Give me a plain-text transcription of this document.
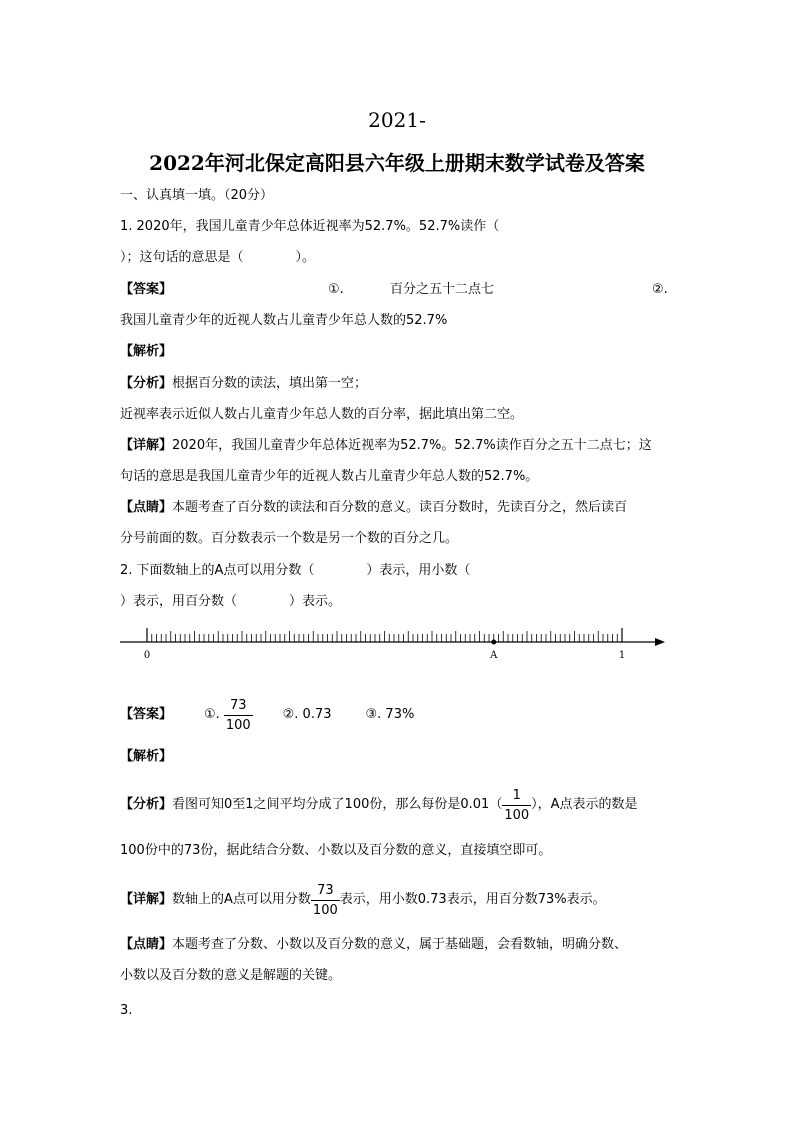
2021-
2022年河北保定高阳县六年级上册期末数学试卷及答案
一、认真填一填。（20分）
1. 2020年，我国儿童青少年总体近视率为52.7%。52.7%读作（
）；这句话的意思是（　　　　）。
【答案】	①.	百分之五十二点七	②.
我国儿童青少年的近视人数占儿童青少年总人数的52.7%
【解析】
【分析】根据百分数的读法，填出第一空；
近视率表示近似人数占儿童青少年总人数的百分率，据此填出第二空。
【详解】2020年，我国儿童青少年总体近视率为52.7%。52.7%读作百分之五十二点七；这
句话的意思是我国儿童青少年的近视人数占儿童青少年总人数的52.7%。
【点睛】本题考查了百分数的读法和百分数的意义。读百分数时，先读百分之，然后读百
分号前面的数。百分数表示一个数是另一个数的百分之几。
2. 下面数轴上的A点可以用分数（　　　　）表示，用小数（
）表示，用百分数（　　　　）表示。
0	A	1
【答案】 ①. $\frac{73}{100}$ ②. 0.73	③. 73%
【解析】
【分析】 看图可知0至1之间平均分成了100份，那么每份是$0.01( \frac{1}{100}$ ），A点表示的数是
100份中的73份，据此结合分数、小数以及百分数的意义，直接填空即可。
【详解】 数轴上的A点可以用分数 $\frac{73}{100}$ 表示，用小数0.73表示，用百分数73%表示。
【点睛】本题考查了分数、小数以及百分数的意义，属于基础题，会看数轴，明确分数、
小数以及百分数的意义是解题的关键。
3.
